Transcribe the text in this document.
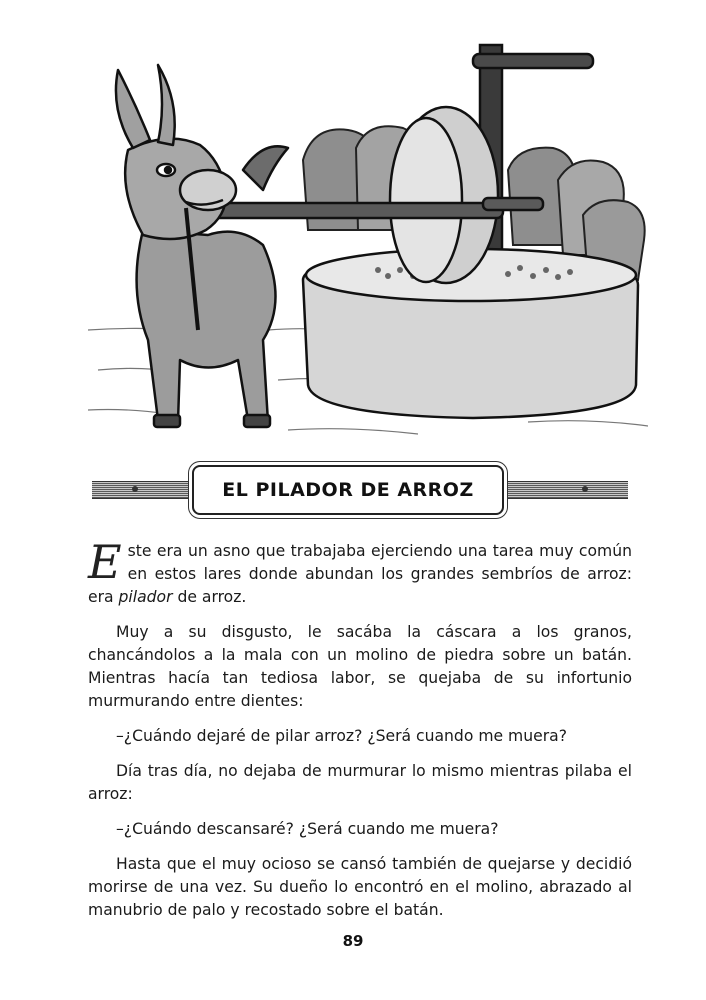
EL PILADOR DE ARROZ

Este era un asno que trabajaba ejerciendo una tarea muy común en estos lares donde abundan los grandes sembríos de arroz: era pilador de arroz.

Muy a su disgusto, le sacába la cáscara a los granos, chancándolos a la mala con un molino de piedra sobre un batán. Mientras hacía tan tediosa labor, se quejaba de su infortunio murmurando entre dientes:

–¿Cuándo dejaré de pilar arroz? ¿Será cuando me muera?

Día tras día, no dejaba de murmurar lo mismo mientras pilaba el arroz:

–¿Cuándo descansaré? ¿Será cuando me muera?

Hasta que el muy ocioso se cansó también de quejarse y decidió morirse de una vez. Su dueño lo encontró en el molino, abrazado al manubrio de palo y recostado sobre el batán.

89
